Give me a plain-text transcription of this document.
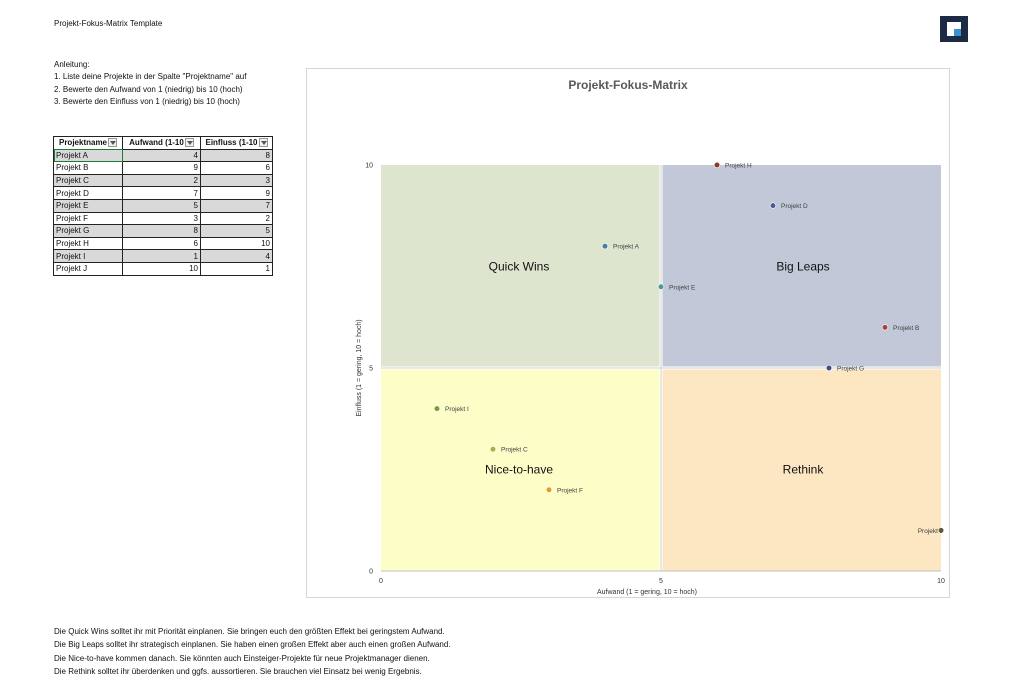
Projekt-Fokus-Matrix Template
Anleitung:
1. Liste deine Projekte in der Spalte "Projektname" auf
2. Bewerte den Aufwand von 1 (niedrig) bis 10 (hoch)
3. Bewerte den Einfluss von 1 (niedrig) bis 10 (hoch)
Projektname	Aufwand (1-10	Einfluss (1-10
Projekt A	4	8
Projekt B	9	6
Projekt C	2	3
Projekt D	7	9
Projekt E	5	7
Projekt F	3	2
Projekt G	8	5
Projekt H	6	10
Projekt I	1	4
Projekt J	10	1
Projekt-Fokus-Matrix
Quick Wins	Big Leaps
Nice-to-have	Rethink
0	5	10
0
5
10
Aufwand (1 = gering, 10 = hoch)
Einfluss (1 = gering, 10 = hoch)
Projekt A
Projekt B
Projekt C
Projekt D
Projekt E
Projekt F
Projekt G
Projekt H
Projekt I
Projekt J
Die Quick Wins solltet ihr mit Priorität einplanen. Sie bringen euch den größten Effekt bei geringstem Aufwand.
Die Big Leaps solltet ihr strategisch einplanen. Sie haben einen großen Effekt aber auch einen großen Aufwand.
Die Nice-to-have kommen danach. Sie könnten auch Einsteiger-Projekte für neue Projektmanager dienen.
Die Rethink solltet ihr überdenken und ggfs. aussortieren. Sie brauchen viel Einsatz bei wenig Ergebnis.
